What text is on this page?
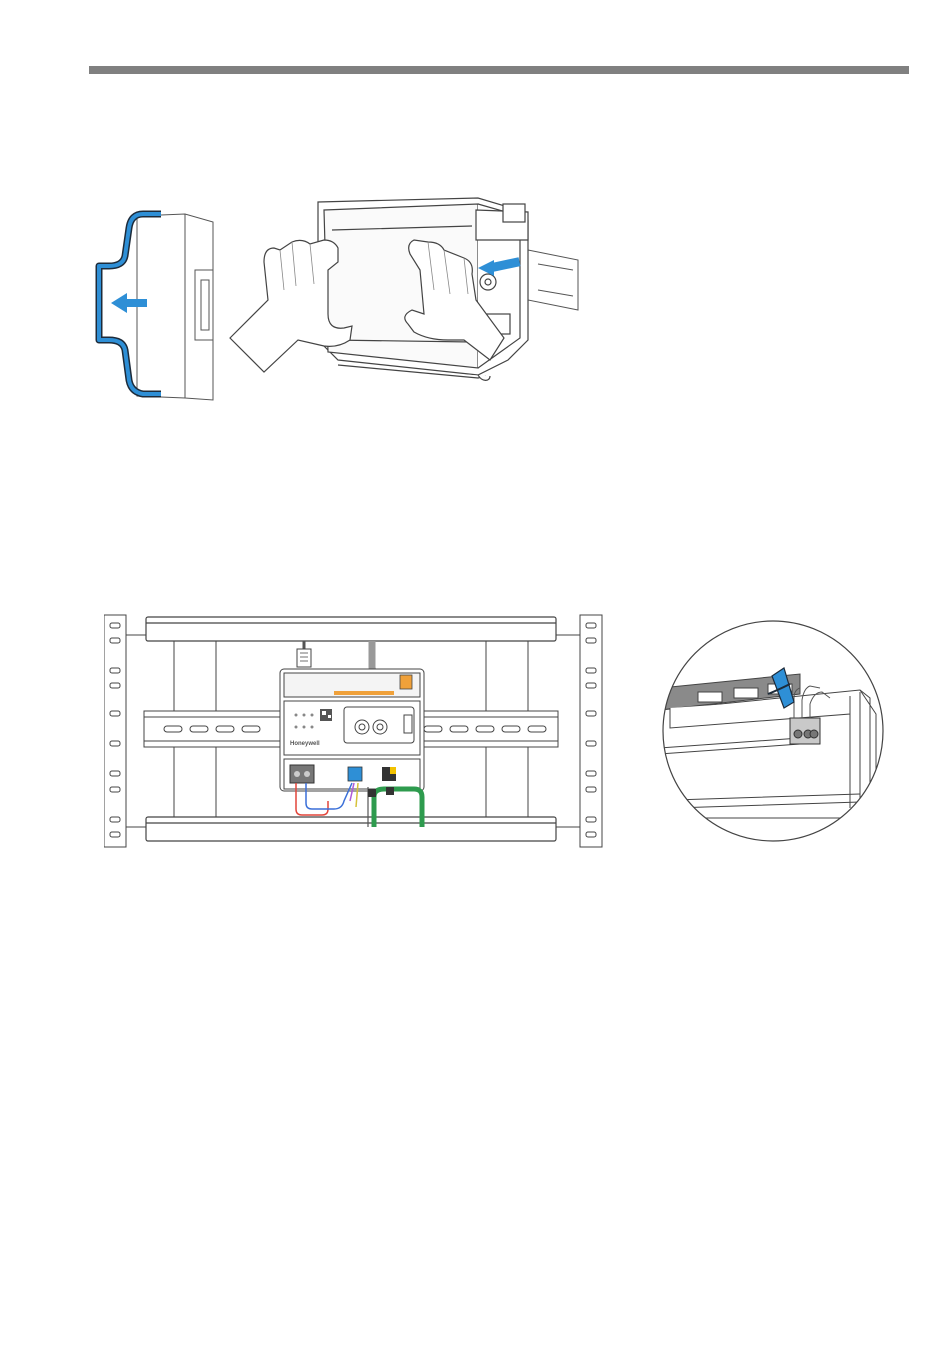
Honeywell
